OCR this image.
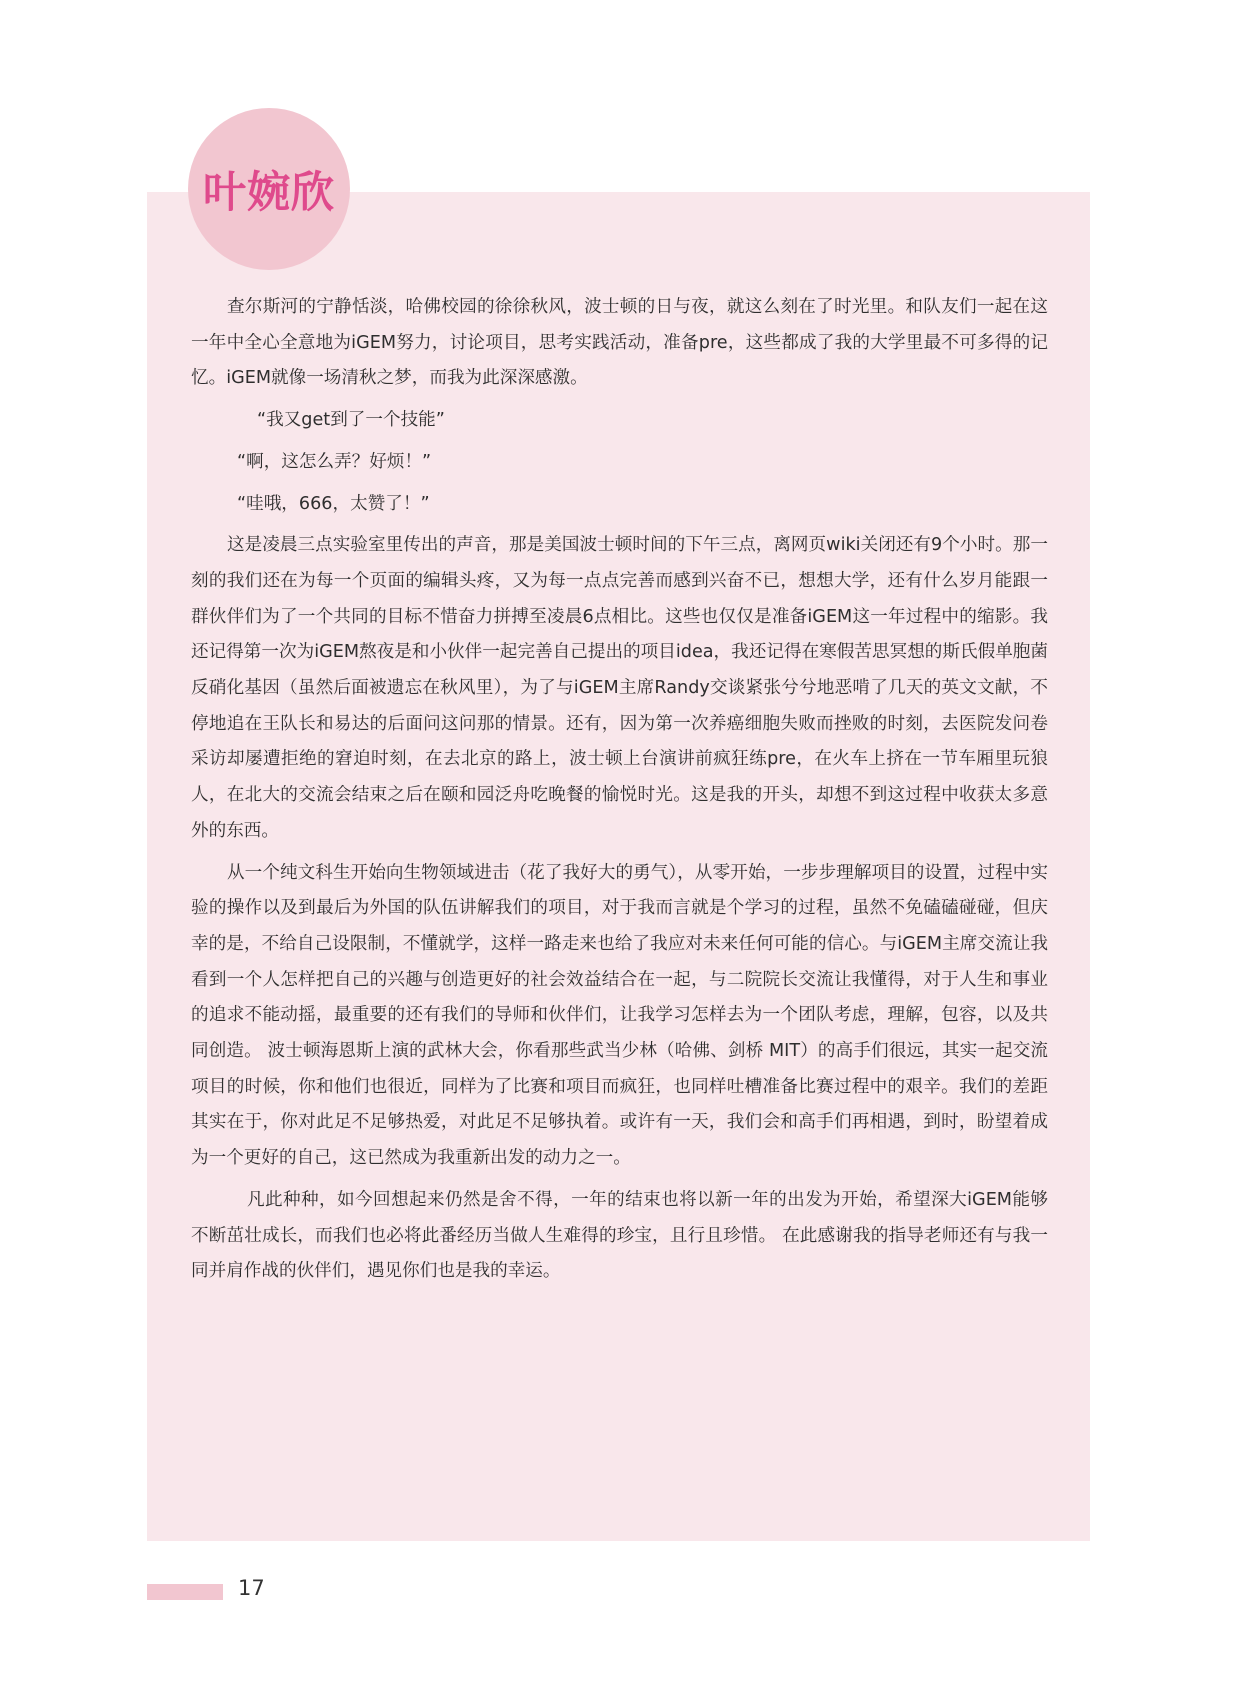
叶婉欣

查尔斯河的宁静恬淡，哈佛校园的徐徐秋风，波士顿的日与夜，就这么刻在了时光里。和队友们一起在这一年中全心全意地为iGEM努力，讨论项目，思考实践活动，准备pre，这些都成了我的大学里最不可多得的记忆。iGEM就像一场清秋之梦，而我为此深深感激。

“我又get到了一个技能”

“啊，这怎么弄？好烦！”

“哇哦，666，太赞了！”

这是凌晨三点实验室里传出的声音，那是美国波士顿时间的下午三点，离网页wiki关闭还有9个小时。那一刻的我们还在为每一个页面的编辑头疼，又为每一点点完善而感到兴奋不已，想想大学，还有什么岁月能跟一群伙伴们为了一个共同的目标不惜奋力拼搏至凌晨6点相比。这些也仅仅是准备iGEM这一年过程中的缩影。我还记得第一次为iGEM熬夜是和小伙伴一起完善自己提出的项目idea，我还记得在寒假苦思冥想的斯氏假单胞菌反硝化基因（虽然后面被遗忘在秋风里），为了与iGEM主席Randy交谈紧张兮兮地恶啃了几天的英文文献，不停地追在王队长和易达的后面问这问那的情景。还有，因为第一次养癌细胞失败而挫败的时刻，去医院发问卷采访却屡遭拒绝的窘迫时刻，在去北京的路上，波士顿上台演讲前疯狂练pre，在火车上挤在一节车厢里玩狼人，在北大的交流会结束之后在颐和园泛舟吃晚餐的愉悦时光。这是我的开头，却想不到这过程中收获太多意外的东西。

从一个纯文科生开始向生物领域进击（花了我好大的勇气），从零开始，一步步理解项目的设置，过程中实验的操作以及到最后为外国的队伍讲解我们的项目，对于我而言就是个学习的过程，虽然不免磕磕碰碰，但庆幸的是，不给自己设限制，不懂就学，这样一路走来也给了我应对未来任何可能的信心。与iGEM主席交流让我看到一个人怎样把自己的兴趣与创造更好的社会效益结合在一起，与二院院长交流让我懂得，对于人生和事业的追求不能动摇，最重要的还有我们的导师和伙伴们，让我学习怎样去为一个团队考虑，理解，包容，以及共同创造。 波士顿海恩斯上演的武林大会，你看那些武当少林（哈佛、剑桥 MIT）的高手们很远，其实一起交流项目的时候，你和他们也很近，同样为了比赛和项目而疯狂，也同样吐槽准备比赛过程中的艰辛。我们的差距其实在于，你对此足不足够热爱，对此足不足够执着。或许有一天，我们会和高手们再相遇，到时，盼望着成为一个更好的自己，这已然成为我重新出发的动力之一。

凡此种种，如今回想起来仍然是舍不得，一年的结束也将以新一年的出发为开始，希望深大iGEM能够不断茁壮成长，而我们也必将此番经历当做人生难得的珍宝，且行且珍惜。 在此感谢我的指导老师还有与我一同并肩作战的伙伴们，遇见你们也是我的幸运。

17
